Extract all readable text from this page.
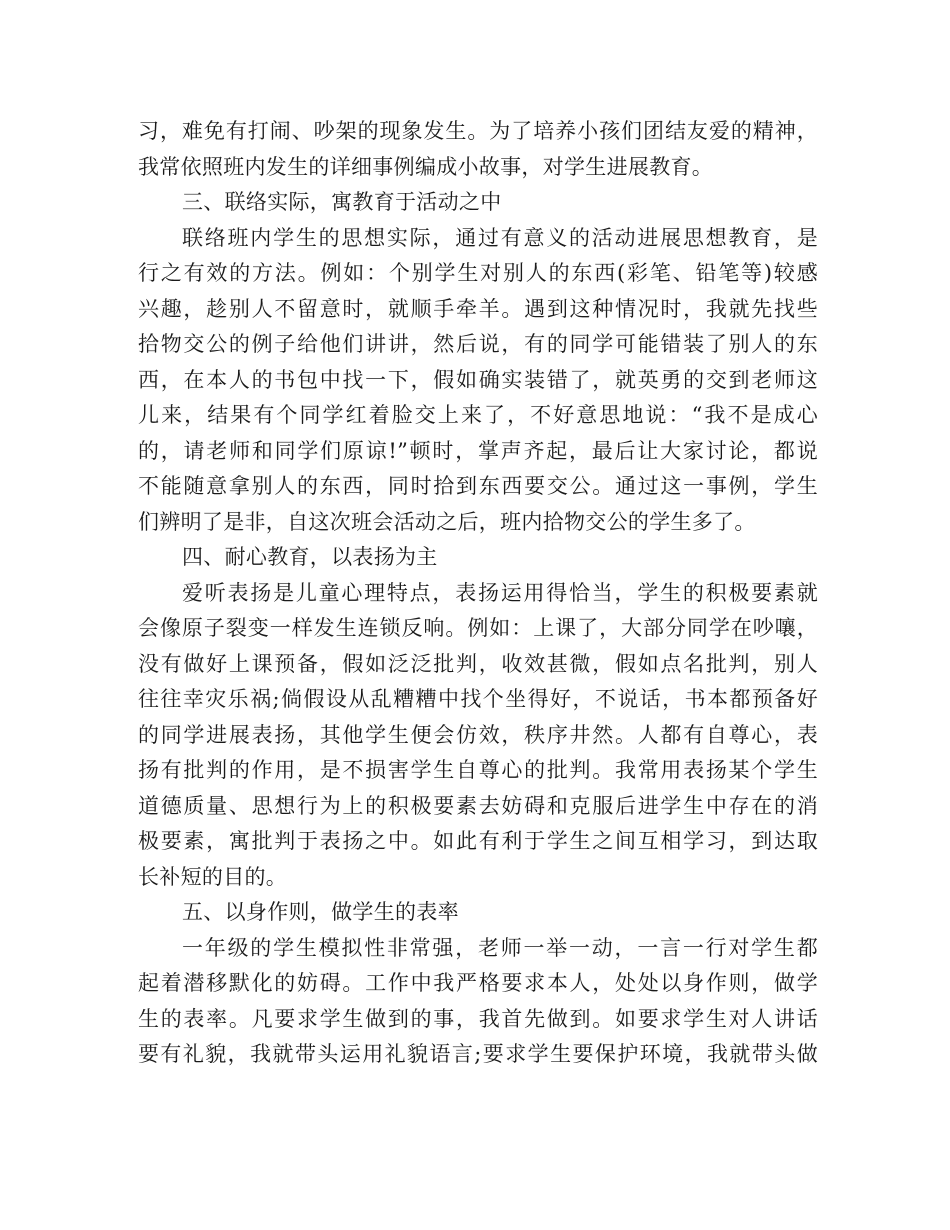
习，难免有打闹、吵架的现象发生。为了培养小孩们团结友爱的精神，
我常依照班内发生的详细事例编成小故事，对学生进展教育。
三、联络实际，寓教育于活动之中
联络班内学生的思想实际，通过有意义的活动进展思想教育，是
行之有效的方法。例如：个别学生对别人的东西(彩笔、铅笔等)较感
兴趣，趁别人不留意时，就顺手牵羊。遇到这种情况时，我就先找些
拾物交公的例子给他们讲讲，然后说，有的同学可能错装了别人的东
西，在本人的书包中找一下，假如确实装错了，就英勇的交到老师这
儿来，结果有个同学红着脸交上来了，不好意思地说：“我不是成心
的，请老师和同学们原谅!”顿时，掌声齐起，最后让大家讨论，都说
不能随意拿别人的东西，同时拾到东西要交公。通过这一事例，学生
们辨明了是非，自这次班会活动之后，班内拾物交公的学生多了。
四、耐心教育，以表扬为主
爱听表扬是儿童心理特点，表扬运用得恰当，学生的积极要素就
会像原子裂变一样发生连锁反响。例如：上课了，大部分同学在吵嚷，
没有做好上课预备，假如泛泛批判，收效甚微，假如点名批判，别人
往往幸灾乐祸;倘假设从乱糟糟中找个坐得好，不说话，书本都预备好
的同学进展表扬，其他学生便会仿效，秩序井然。人都有自尊心，表
扬有批判的作用，是不损害学生自尊心的批判。我常用表扬某个学生
道德质量、思想行为上的积极要素去妨碍和克服后进学生中存在的消
极要素，寓批判于表扬之中。如此有利于学生之间互相学习，到达取
长补短的目的。
五、以身作则，做学生的表率
一年级的学生模拟性非常强，老师一举一动，一言一行对学生都
起着潜移默化的妨碍。工作中我严格要求本人，处处以身作则，做学
生的表率。凡要求学生做到的事，我首先做到。如要求学生对人讲话
要有礼貌，我就带头运用礼貌语言;要求学生要保护环境，我就带头做
